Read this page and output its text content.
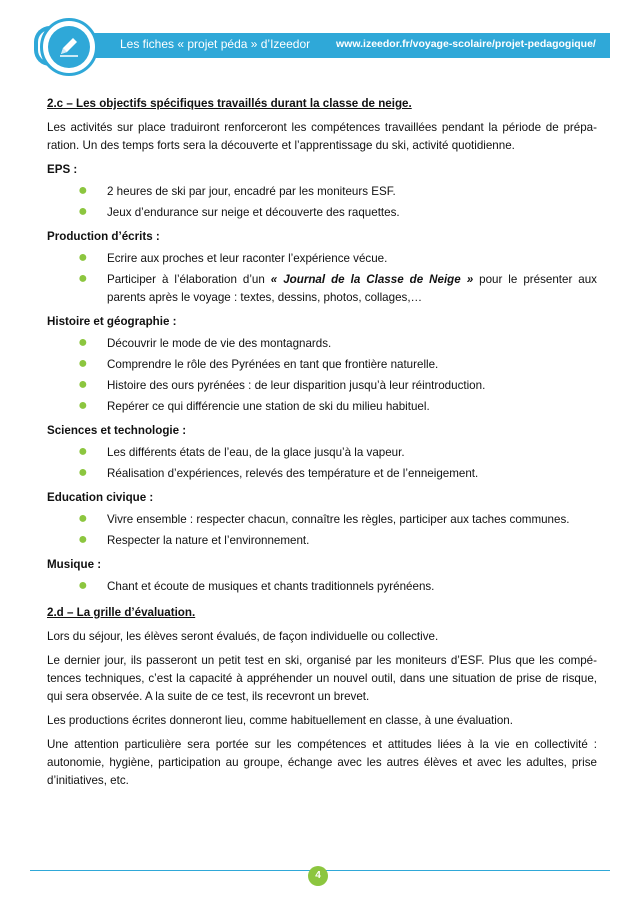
Les fiches « projet péda » d’Izeedor www.izeedor.fr/voyage-scolaire/projet-pedagogique/
2.c – Les objectifs spécifiques travaillés durant la classe de neige.
Les activités sur place traduiront renforceront les compétences travaillées pendant la période de prépa-ration. Un des temps forts sera la découverte et l’apprentissage du ski, activité quotidienne.
EPS :
● 2 heures de ski par jour, encadré par les moniteurs ESF.
● Jeux d’endurance sur neige et découverte des raquettes.
Production d’écrits :
● Ecrire aux proches et leur raconter l’expérience vécue.
● Participer à l’élaboration d’un « Journal de la Classe de Neige » pour le présenter aux parents après le voyage : textes, dessins, photos, collages,…
Histoire et géographie :
● Découvrir le mode de vie des montagnards.
● Comprendre le rôle des Pyrénées en tant que frontière naturelle.
● Histoire des ours pyrénées : de leur disparition jusqu’à leur réintroduction.
● Repérer ce qui différencie une station de ski du milieu habituel.
Sciences et technologie :
● Les différents états de l’eau, de la glace jusqu’à la vapeur.
● Réalisation d’expériences, relevés des température et de l’enneigement.
Education civique :
● Vivre ensemble : respecter chacun, connaître les règles, participer aux taches communes.
● Respecter la nature et l’environnement.
Musique :
● Chant et écoute de musiques et chants traditionnels pyrénéens.
2.d – La grille d’évaluation.
Lors du séjour, les élèves seront évalués, de façon individuelle ou collective.
Le dernier jour, ils passeront un petit test en ski, organisé par les moniteurs d’ESF. Plus que les compé-tences techniques, c’est la capacité à appréhender un nouvel outil, dans une situation de prise de risque, qui sera observée. A la suite de ce test, ils recevront un brevet.
Les productions écrites donneront lieu, comme habituellement en classe, à une évaluation.
Une attention particulière sera portée sur les compétences et attitudes liées à la vie en collectivité : autonomie, hygiène, participation au groupe, échange avec les autres élèves et avec les adultes, prise d’initiatives, etc.
4
